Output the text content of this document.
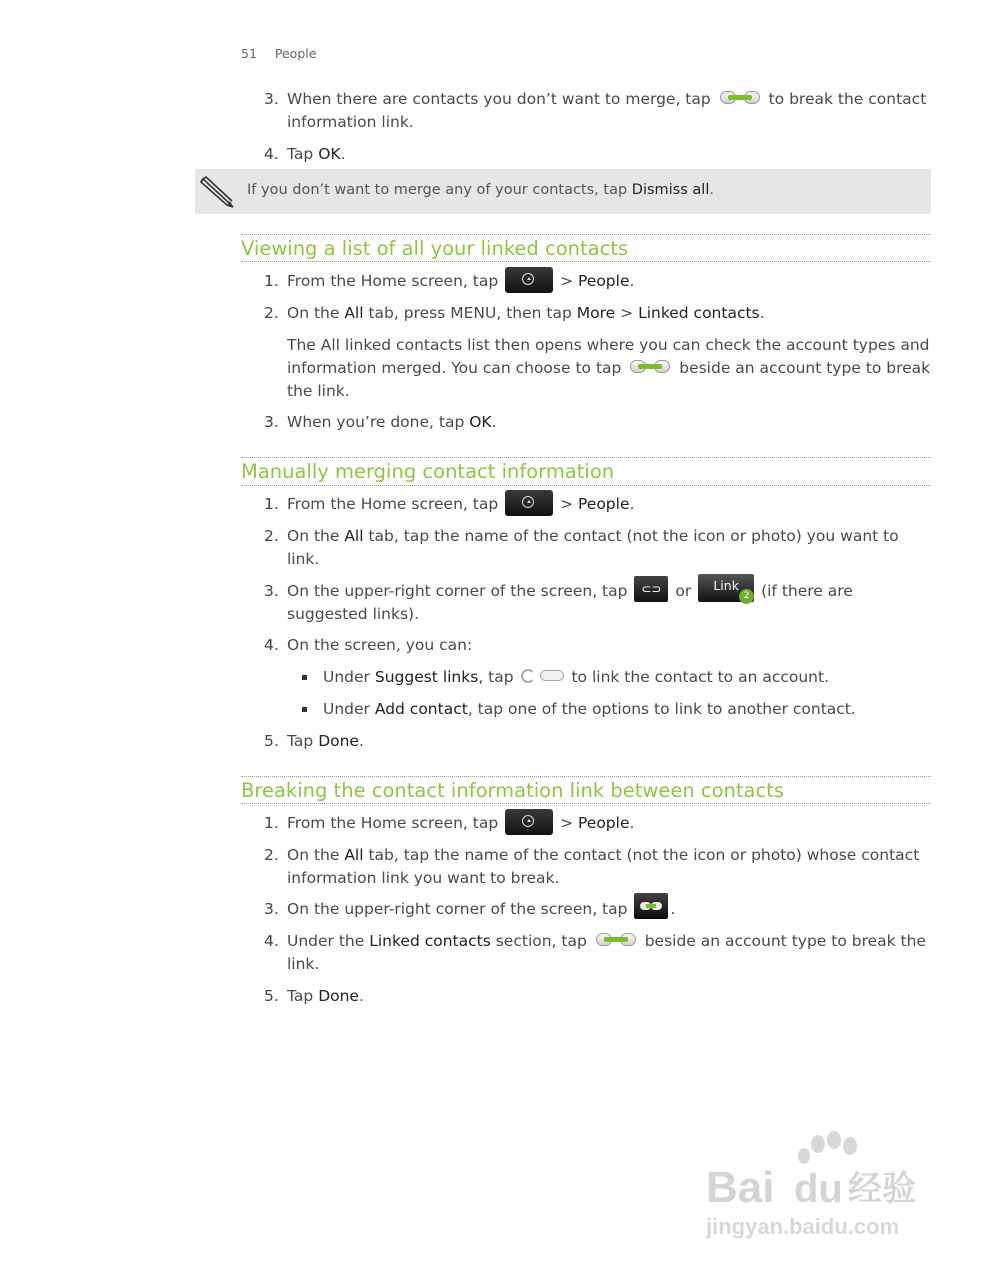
51 People
3. When there are contacts you don’t want to merge, tap	to break the contact information link.
4. Tap OK.
If you don’t want to merge any of your contacts, tap Dismiss all.
Viewing a list of all your linked contacts
1. From the Home screen, tap	> People.
2. On the All tab, press MENU, then tap More > Linked contacts.
The All linked contacts list then opens where you can check the account types and information merged. You can choose to tap	beside an account type to break the link.
3. When you’re done, tap OK.
Manually merging contact information
1. From the Home screen, tap	> People.
2. On the All tab, tap the name of the contact (not the icon or photo) you want to link.
3. On the upper-right corner of the screen, tap ⊂⊃ or Link
2 (if there are suggested links).
4. On the screen, you can:
Under Suggest links, tap	to link the contact to an account.
Under Add contact, tap one of the options to link to another contact.
5. Tap Done.
Breaking the contact information link between contacts
1. From the Home screen, tap	> People.
2. On the All tab, tap the name of the contact (not the icon or photo) whose contact information link you want to break.
3. On the upper-right corner of the screen, tap	.
4. Under the Linked contacts section, tap	beside an account type to break the link.
5. Tap Done.
Bai du 经验
jingyan.baidu.com
